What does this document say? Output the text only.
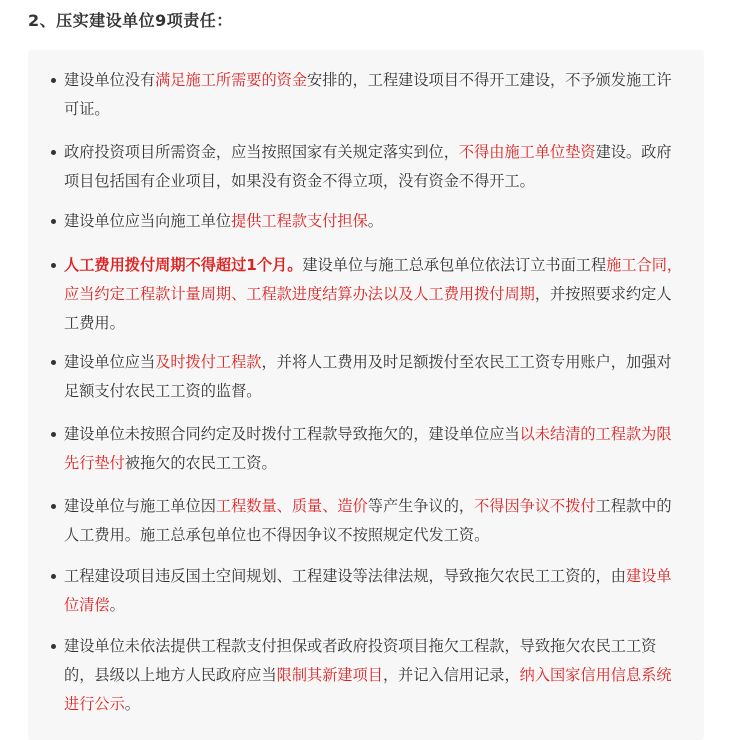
2、压实建设单位9项责任：
建设单位没有满足施工所需要的资金安排的，工程建设项目不得开工建设，不予颁发施工许可证。
政府投资项目所需资金，应当按照国家有关规定落实到位，不得由施工单位垫资建设。政府项目包括国有企业项目，如果没有资金不得立项，没有资金不得开工。
建设单位应当向施工单位提供工程款支付担保。
人工费用拨付周期不得超过1个月。建设单位与施工总承包单位依法订立书面工程施工合同，应当约定工程款计量周期、工程款进度结算办法以及人工费用拨付周期，并按照要求约定人工费用。
建设单位应当及时拨付工程款，并将人工费用及时足额拨付至农民工工资专用账户，加强对足额支付农民工工资的监督。
建设单位未按照合同约定及时拨付工程款导致拖欠的，建设单位应当以未结清的工程款为限先行垫付被拖欠的农民工工资。
建设单位与施工单位因工程数量、质量、造价等产生争议的，不得因争议不拨付工程款中的人工费用。施工总承包单位也不得因争议不按照规定代发工资。
工程建设项目违反国土空间规划、工程建设等法律法规，导致拖欠农民工工资的，由建设单位清偿。
建设单位未依法提供工程款支付担保或者政府投资项目拖欠工程款，导致拖欠农民工工资的，县级以上地方人民政府应当限制其新建项目，并记入信用记录，纳入国家信用信息系统进行公示。
